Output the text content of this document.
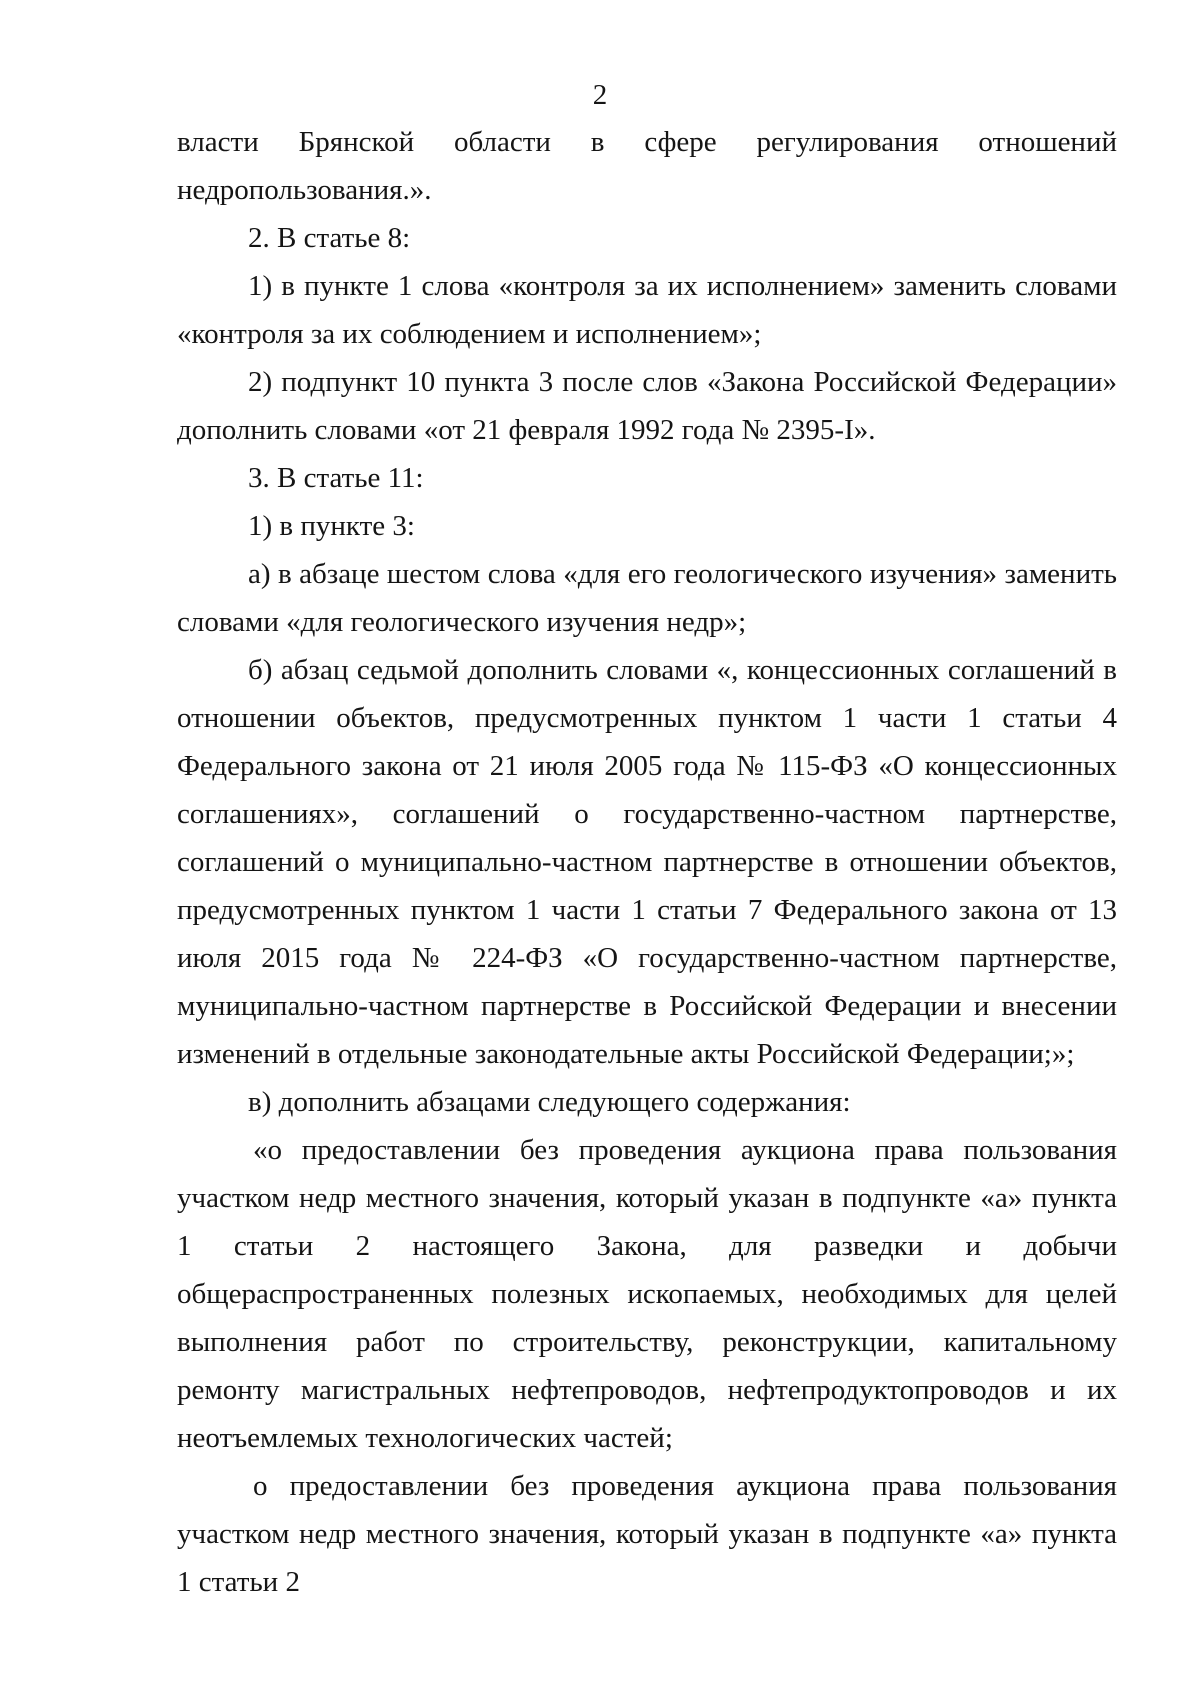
2

власти Брянской области в сфере регулирования отношений недропользования.».

2. В статье 8:

1) в пункте 1 слова «контроля за их исполнением» заменить словами «контроля за их соблюдением и исполнением»;

2) подпункт 10 пункта 3 после слов «Закона Российской Федерации» дополнить словами «от 21 февраля 1992 года № 2395-I».

3. В статье 11:

1) в пункте 3:

а) в абзаце шестом слова «для его геологического изучения» заменить словами «для геологического изучения недр»;

б) абзац седьмой дополнить словами «, концессионных соглашений в отношении объектов, предусмотренных пунктом 1 части 1 статьи 4 Федерального закона от 21 июля 2005 года № 115-ФЗ «О концессионных соглашениях», соглашений о государственно-частном партнерстве, соглашений о муниципально-частном партнерстве в отношении объектов, предусмотренных пунктом 1 части 1 статьи 7 Федерального закона от 13 июля 2015 года № 224-ФЗ «О государственно-частном партнерстве, муниципально-частном партнерстве в Российской Федерации и внесении изменений в отдельные законодательные акты Российской Федерации;»;

в) дополнить абзацами следующего содержания:

«о предоставлении без проведения аукциона права пользования участком недр местного значения, который указан в подпункте «а» пункта 1 статьи 2 настоящего Закона, для разведки и добычи общераспространенных полезных ископаемых, необходимых для целей выполнения работ по строительству, реконструкции, капитальному ремонту магистральных нефтепроводов, нефтепродуктопроводов и их неотъемлемых технологических частей;

о предоставлении без проведения аукциона права пользования участком недр местного значения, который указан в подпункте «а» пункта 1 статьи 2
